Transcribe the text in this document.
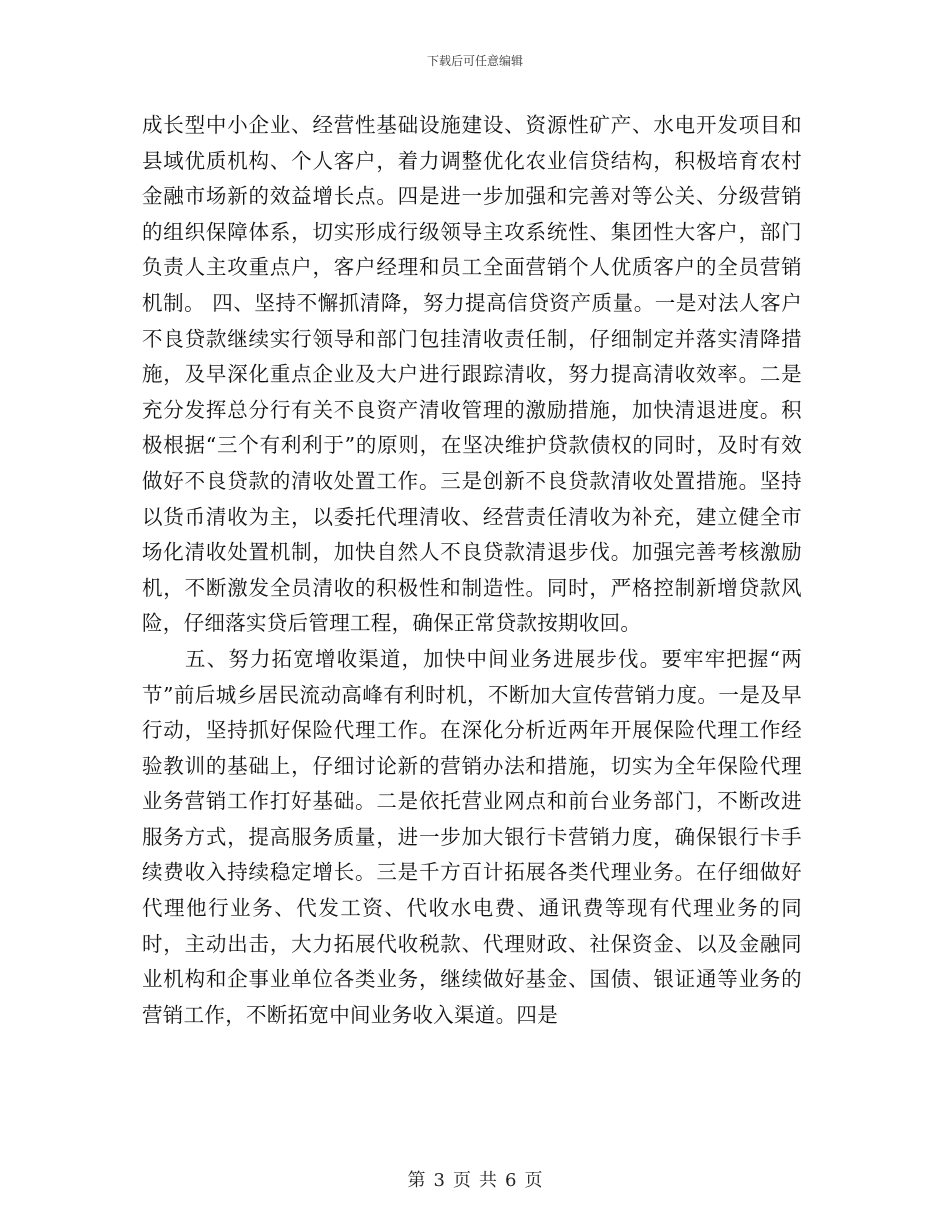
下载后可任意编辑

成长型中小企业、经营性基础设施建设、资源性矿产、水电开发项目和县域优质机构、个人客户，着力调整优化农业信贷结构，积极培育农村金融市场新的效益增长点。四是进一步加强和完善对等公关、分级营销的组织保障体系，切实形成行级领导主攻系统性、集团性大客户，部门负责人主攻重点户，客户经理和员工全面营销个人优质客户的全员营销机制。 四、坚持不懈抓清降，努力提高信贷资产质量。一是对法人客户不良贷款继续实行领导和部门包挂清收责任制，仔细制定并落实清降措施，及早深化重点企业及大户进行跟踪清收，努力提高清收效率。二是充分发挥总分行有关不良资产清收管理的激励措施，加快清退进度。积极根据“三个有利利于”的原则，在坚决维护贷款债权的同时，及时有效做好不良贷款的清收处置工作。三是创新不良贷款清收处置措施。坚持以货币清收为主，以委托代理清收、经营责任清收为补充，建立健全市场化清收处置机制，加快自然人不良贷款清退步伐。加强完善考核激励机，不断激发全员清收的积极性和制造性。同时，严格控制新增贷款风险，仔细落实贷后管理工程，确保正常贷款按期收回。

五、努力拓宽增收渠道，加快中间业务进展步伐。要牢牢把握“两节”前后城乡居民流动高峰有利时机，不断加大宣传营销力度。一是及早行动，坚持抓好保险代理工作。在深化分析近两年开展保险代理工作经验教训的基础上，仔细讨论新的营销办法和措施，切实为全年保险代理业务营销工作打好基础。二是依托营业网点和前台业务部门，不断改进服务方式，提高服务质量，进一步加大银行卡营销力度，确保银行卡手续费收入持续稳定增长。三是千方百计拓展各类代理业务。在仔细做好代理他行业务、代发工资、代收水电费、通讯费等现有代理业务的同时，主动出击，大力拓展代收税款、代理财政、社保资金、以及金融同业机构和企事业单位各类业务，继续做好基金、国债、银证通等业务的营销工作，不断拓宽中间业务收入渠道。四是

第 3 页 共 6 页
